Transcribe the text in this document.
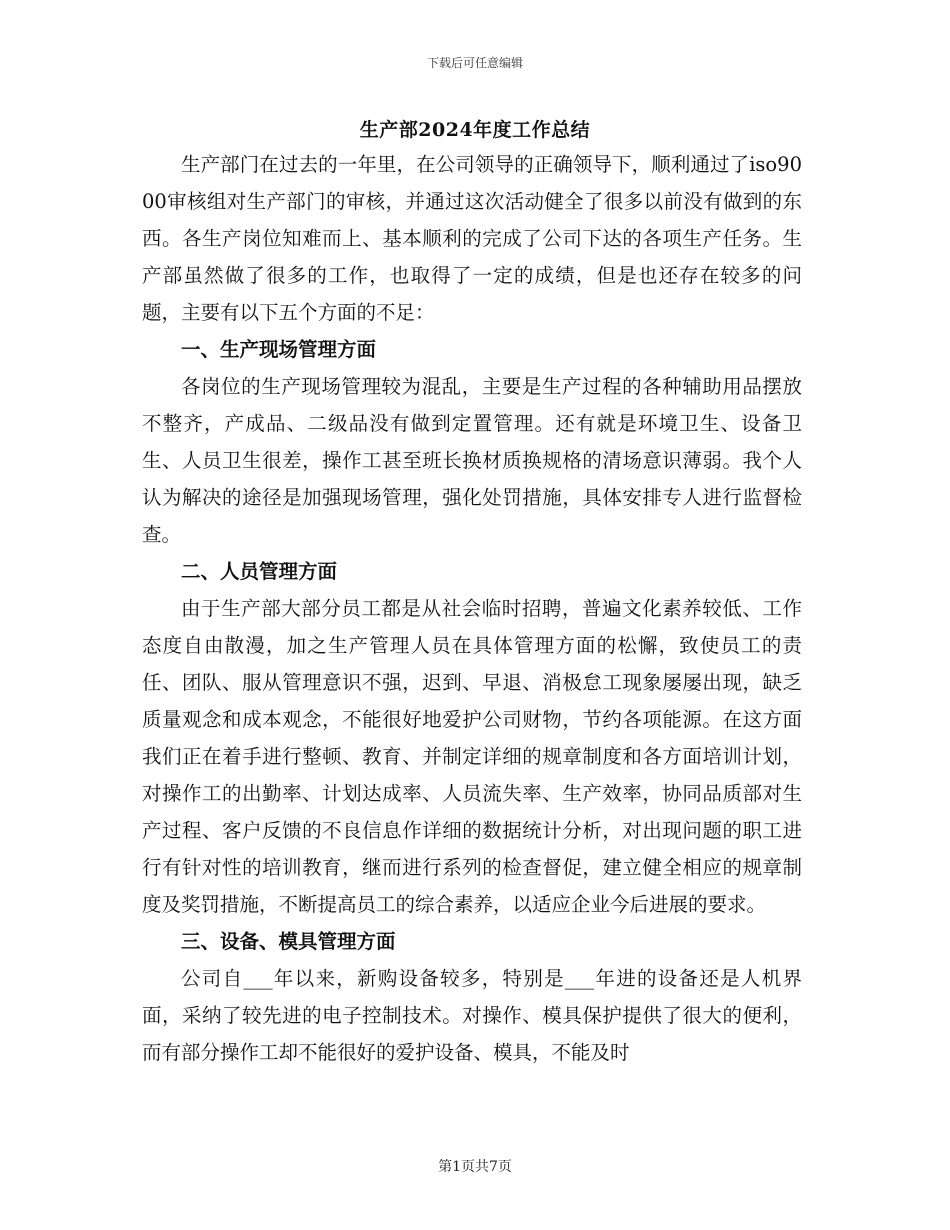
下载后可任意编辑
生产部2024年度工作总结

生产部门在过去的一年里，在公司领导的正确领导下，顺利通过了iso9000审核组对生产部门的审核，并通过这次活动健全了很多以前没有做到的东西。各生产岗位知难而上、基本顺利的完成了公司下达的各项生产任务。生产部虽然做了很多的工作，也取得了一定的成绩，但是也还存在较多的问题，主要有以下五个方面的不足：

一、生产现场管理方面

各岗位的生产现场管理较为混乱，主要是生产过程的各种辅助用品摆放不整齐，产成品、二级品没有做到定置管理。还有就是环境卫生、设备卫生、人员卫生很差，操作工甚至班长换材质换规格的清场意识薄弱。我个人认为解决的途径是加强现场管理，强化处罚措施，具体安排专人进行监督检查。

二、人员管理方面

由于生产部大部分员工都是从社会临时招聘，普遍文化素养较低、工作态度自由散漫，加之生产管理人员在具体管理方面的松懈，致使员工的责任、团队、服从管理意识不强，迟到、早退、消极怠工现象屡屡出现，缺乏质量观念和成本观念，不能很好地爱护公司财物，节约各项能源。在这方面我们正在着手进行整顿、教育、并制定详细的规章制度和各方面培训计划，对操作工的出勤率、计划达成率、人员流失率、生产效率，协同品质部对生产过程、客户反馈的不良信息作详细的数据统计分析，对出现问题的职工进行有针对性的培训教育，继而进行系列的检查督促，建立健全相应的规章制度及奖罚措施，不断提高员工的综合素养，以适应企业今后进展的要求。

三、设备、模具管理方面

公司自___年以来，新购设备较多，特别是___年进的设备还是人机界面，采纳了较先进的电子控制技术。对操作、模具保护提供了很大的便利，而有部分操作工却不能很好的爱护设备、模具，不能及时

第1页共7页
